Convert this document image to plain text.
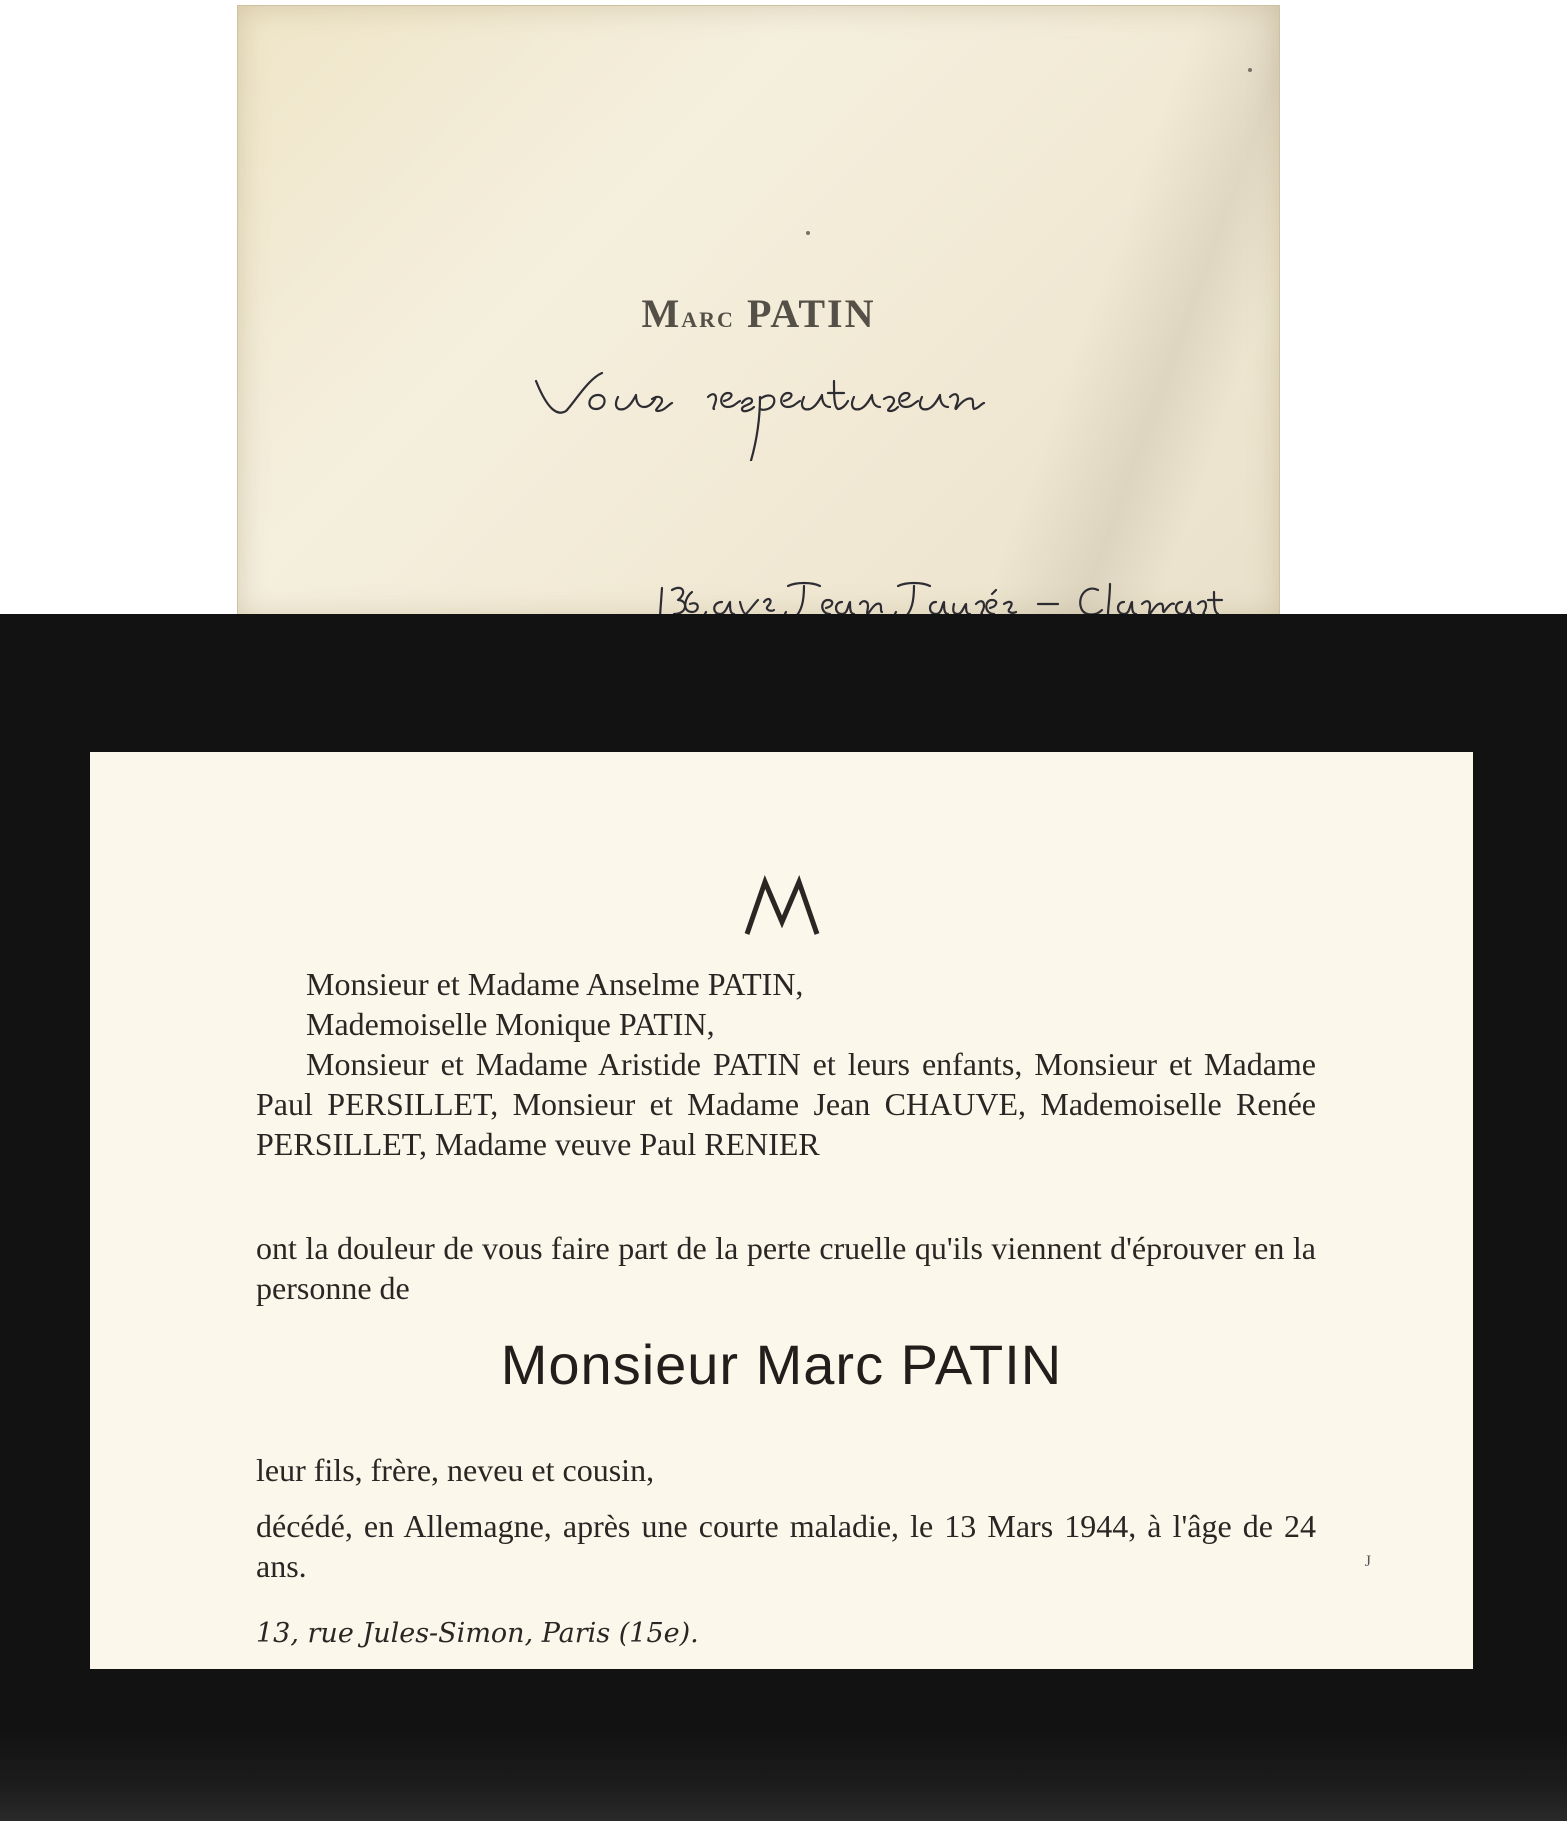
Marc PATIN

Monsieur et Madame Anselme PATIN,

Mademoiselle Monique PATIN,

Monsieur et Madame Aristide PATIN et leurs enfants, Monsieur et Madame Paul PERSILLET, Monsieur et Madame Jean CHAUVE, Mademoiselle Renée PERSILLET, Madame veuve Paul RENIER

ont la douleur de vous faire part de la perte cruelle qu'ils viennent d'éprouver en la personne de

Monsieur Marc PATIN

leur fils, frère, neveu et cousin,

décédé, en Allemagne, après une courte maladie, le 13 Mars 1944, à l'âge de 24 ans.

13, rue Jules-Simon, Paris (15e).
J
